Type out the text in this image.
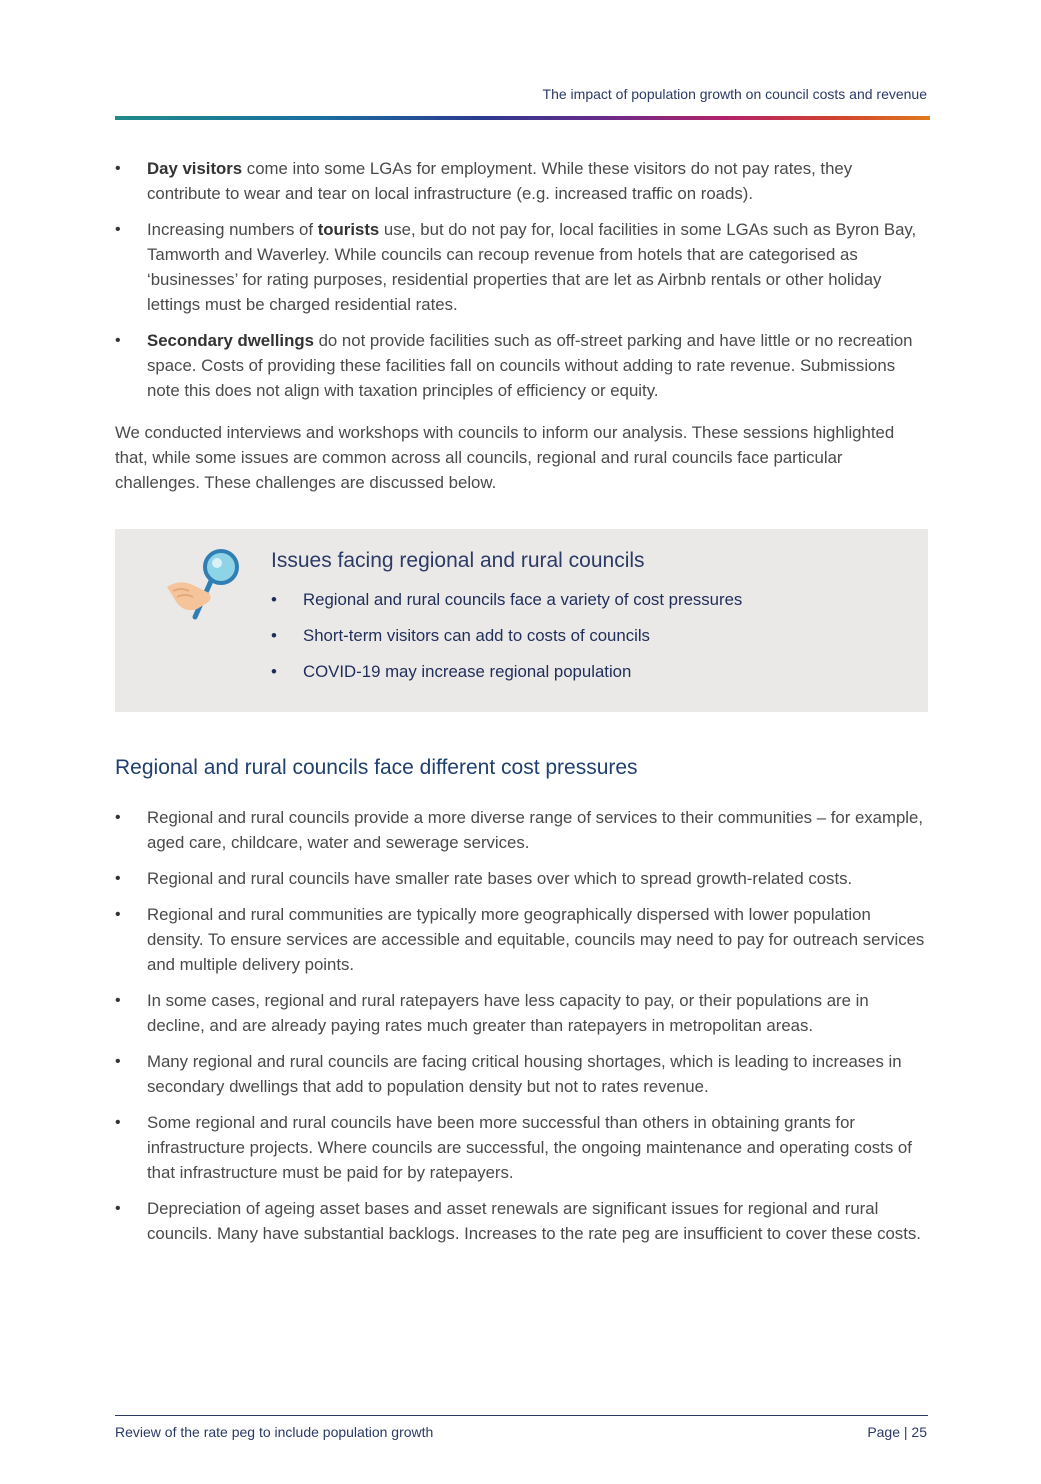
The impact of population growth on council costs and revenue
• Day visitors come into some LGAs for employment. While these visitors do not pay rates, they contribute to wear and tear on local infrastructure (e.g. increased traffic on roads).
• Increasing numbers of tourists use, but do not pay for, local facilities in some LGAs such as Byron Bay, Tamworth and Waverley. While councils can recoup revenue from hotels that are categorised as ‘businesses’ for rating purposes, residential properties that are let as Airbnb rentals or other holiday lettings must be charged residential rates.
• Secondary dwellings do not provide facilities such as off-street parking and have little or no recreation space. Costs of providing these facilities fall on councils without adding to rate revenue. Submissions note this does not align with taxation principles of efficiency or equity.

We conducted interviews and workshops with councils to inform our analysis. These sessions highlighted that, while some issues are common across all councils, regional and rural councils face particular challenges. These challenges are discussed below.

Issues facing regional and rural councils
• Regional and rural councils face a variety of cost pressures
• Short-term visitors can add to costs of councils
• COVID-19 may increase regional population
Regional and rural councils face different cost pressures
• Regional and rural councils provide a more diverse range of services to their communities – for example, aged care, childcare, water and sewerage services.
• Regional and rural councils have smaller rate bases over which to spread growth-related costs.
• Regional and rural communities are typically more geographically dispersed with lower population density. To ensure services are accessible and equitable, councils may need to pay for outreach services and multiple delivery points.
• In some cases, regional and rural ratepayers have less capacity to pay, or their populations are in decline, and are already paying rates much greater than ratepayers in metropolitan areas.
• Many regional and rural councils are facing critical housing shortages, which is leading to increases in secondary dwellings that add to population density but not to rates revenue.
• Some regional and rural councils have been more successful than others in obtaining grants for infrastructure projects. Where councils are successful, the ongoing maintenance and operating costs of that infrastructure must be paid for by ratepayers.
• Depreciation of ageing asset bases and asset renewals are significant issues for regional and rural councils. Many have substantial backlogs. Increases to the rate peg are insufficient to cover these costs.
Review of the rate peg to include population growth	Page | 25
